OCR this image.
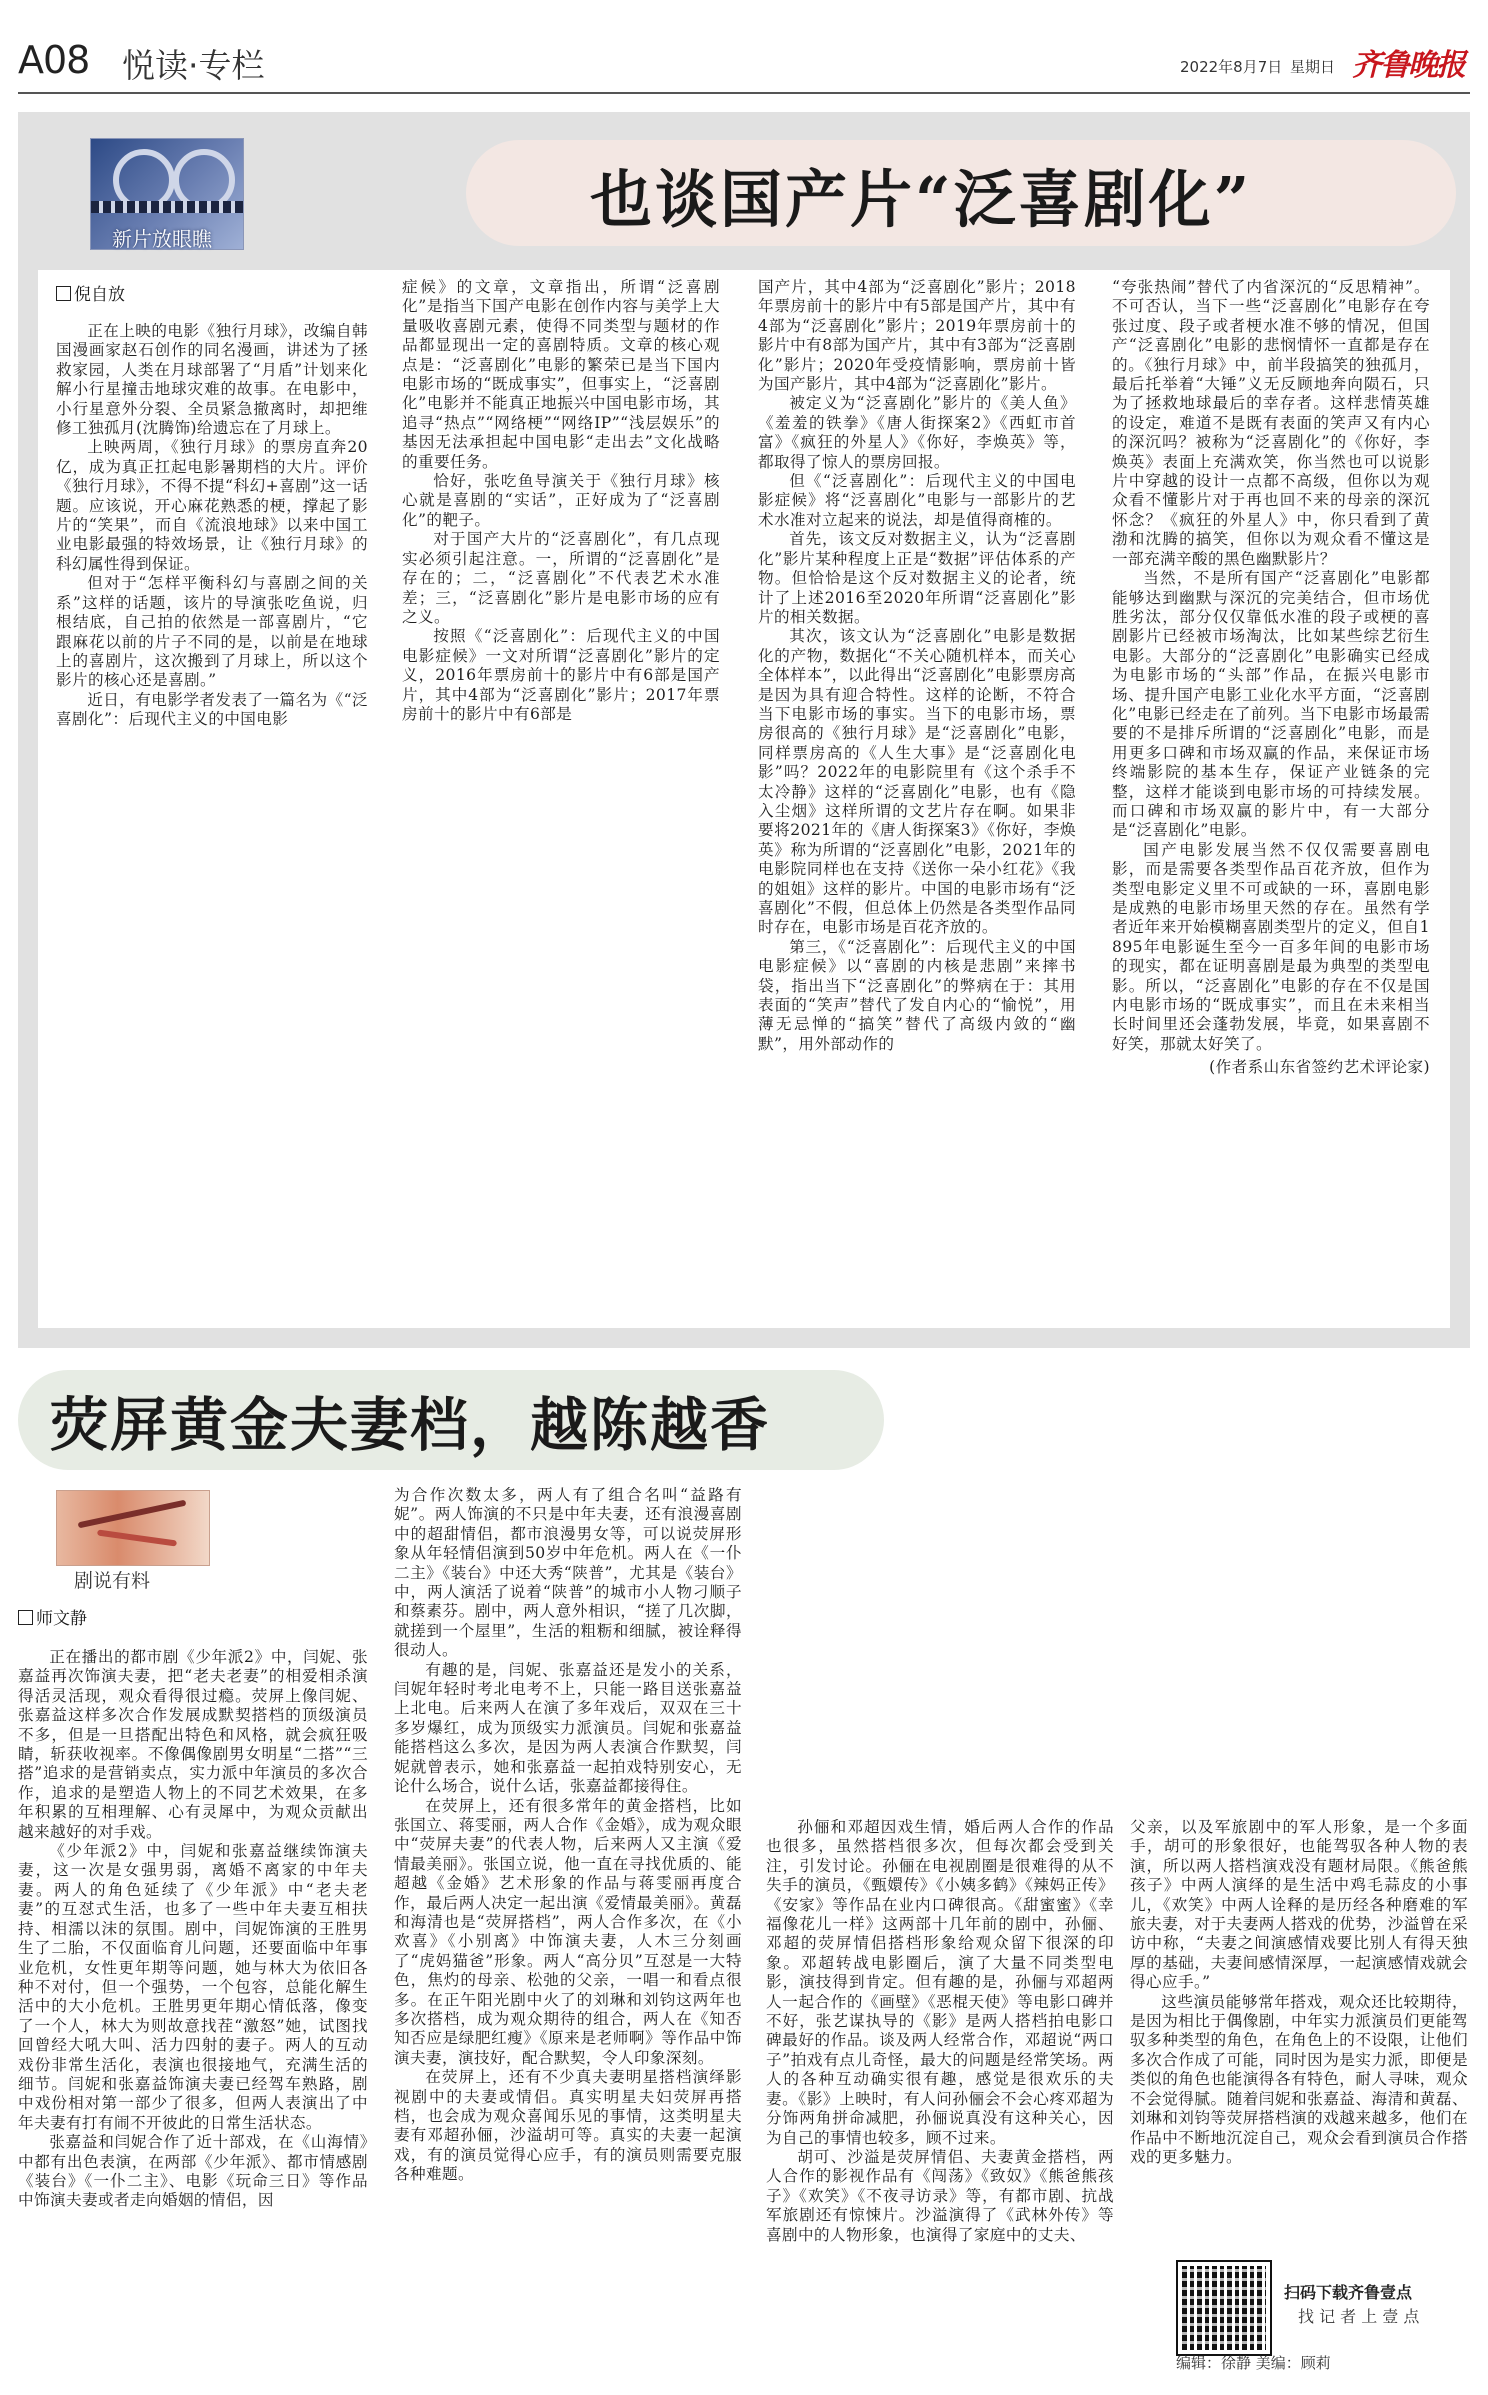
A08 悦读·专栏	2022年8月7日 星期日 齐鲁晚报
新片放眼瞧
也谈国产片“泛喜剧化”
倪自放

正在上映的电影《独行月球》，改编自韩国漫画家赵石创作的同名漫画，讲述为了拯救家园，人类在月球部署了“月盾”计划来化解小行星撞击地球灾难的故事。在电影中，小行星意外分裂、全员紧急撤离时，却把维修工独孤月(沈腾饰)给遗忘在了月球上。

上映两周，《独行月球》的票房直奔20亿，成为真正扛起电影暑期档的大片。评价《独行月球》，不得不提“科幻+喜剧”这一话题。应该说，开心麻花熟悉的梗，撑起了影片的“笑果”，而自《流浪地球》以来中国工业电影最强的特效场景，让《独行月球》的科幻属性得到保证。

但对于“怎样平衡科幻与喜剧之间的关系”这样的话题，该片的导演张吃鱼说，归根结底，自己拍的依然是一部喜剧片，“它跟麻花以前的片子不同的是，以前是在地球上的喜剧片，这次搬到了月球上，所以这个影片的核心还是喜剧。”

近日，有电影学者发表了一篇名为《“泛喜剧化”：后现代主义的中国电影

症候》的文章，文章指出，所谓“泛喜剧化”是指当下国产电影在创作内容与美学上大量吸收喜剧元素，使得不同类型与题材的作品都显现出一定的喜剧特质。文章的核心观点是：“泛喜剧化”电影的繁荣已是当下国内电影市场的“既成事实”，但事实上，“泛喜剧化”电影并不能真正地振兴中国电影市场，其追寻“热点”“网络梗”“网络IP”“浅层娱乐”的基因无法承担起中国电影“走出去”文化战略的重要任务。

恰好，张吃鱼导演关于《独行月球》核心就是喜剧的“实话”，正好成为了“泛喜剧化”的靶子。

对于国产大片的“泛喜剧化”，有几点现实必须引起注意。一，所谓的“泛喜剧化”是存在的；二，“泛喜剧化”不代表艺术水准差；三，“泛喜剧化”影片是电影市场的应有之义。

按照《“泛喜剧化”：后现代主义的中国电影症候》一文对所谓“泛喜剧化”影片的定义，2016年票房前十的影片中有6部是国产片，其中4部为“泛喜剧化”影片；2017年票房前十的影片中有6部是

国产片，其中4部为“泛喜剧化”影片；2018年票房前十的影片中有5部是国产片，其中有4部为“泛喜剧化”影片；2019年票房前十的影片中有8部为国产片，其中有3部为“泛喜剧化”影片；2020年受疫情影响，票房前十皆为国产影片，其中4部为“泛喜剧化”影片。

被定义为“泛喜剧化”影片的《美人鱼》《羞羞的铁拳》《唐人街探案2》《西虹市首富》《疯狂的外星人》《你好，李焕英》等，都取得了惊人的票房回报。

但《“泛喜剧化”：后现代主义的中国电影症候》将“泛喜剧化”电影与一部影片的艺术水准对立起来的说法，却是值得商榷的。

首先，该文反对数据主义，认为“泛喜剧化”影片某种程度上正是“数据”评估体系的产物。但恰恰是这个反对数据主义的论者，统计了上述2016至2020年所谓“泛喜剧化”影片的相关数据。

其次，该文认为“泛喜剧化”电影是数据化的产物，数据化“不关心随机样本，而关心全体样本”，以此得出“泛喜剧化”电影票房高是因为具有迎合特性。这样的论断，不符合当下电影市场的事实。当下的电影市场，票房很高的《独行月球》是“泛喜剧化”电影，同样票房高的《人生大事》是“泛喜剧化电影”吗？2022年的电影院里有《这个杀手不太冷静》这样的“泛喜剧化”电影，也有《隐入尘烟》这样所谓的文艺片存在啊。如果非要将2021年的《唐人街探案3》《你好，李焕英》称为所谓的“泛喜剧化”电影，2021年的电影院同样也在支持《送你一朵小红花》《我的姐姐》这样的影片。中国的电影市场有“泛喜剧化”不假，但总体上仍然是各类型作品同时存在，电影市场是百花齐放的。

第三，《“泛喜剧化”：后现代主义的中国电影症候》以“喜剧的内核是悲剧”来摔书袋，指出当下“泛喜剧化”的弊病在于：其用表面的“笑声”替代了发自内心的“愉悦”，用薄无忌惮的“搞笑”替代了高级内敛的“幽默”，用外部动作的

“夸张热闹”替代了内省深沉的“反思精神”。不可否认，当下一些“泛喜剧化”电影存在夸张过度、段子或者梗水准不够的情况，但国产“泛喜剧化”电影的悲悯情怀一直都是存在的。《独行月球》中，前半段搞笑的独孤月，最后托举着“大锤”义无反顾地奔向陨石，只为了拯救地球最后的幸存者。这样悲情英雄的设定，难道不是既有表面的笑声又有内心的深沉吗？被称为“泛喜剧化”的《你好，李焕英》表面上充满欢笑，你当然也可以说影片中穿越的设计一点都不高级，但你以为观众看不懂影片对于再也回不来的母亲的深沉怀念？《疯狂的外星人》中，你只看到了黄渤和沈腾的搞笑，但你以为观众看不懂这是一部充满辛酸的黑色幽默影片？

当然，不是所有国产“泛喜剧化”电影都能够达到幽默与深沉的完美结合，但市场优胜劣汰，部分仅仅靠低水准的段子或梗的喜剧影片已经被市场淘汰，比如某些综艺衍生电影。大部分的“泛喜剧化”电影确实已经成为电影市场的“头部”作品，在振兴电影市场、提升国产电影工业化水平方面，“泛喜剧化”电影已经走在了前列。当下电影市场最需要的不是排斥所谓的“泛喜剧化”电影，而是用更多口碑和市场双赢的作品，来保证市场终端影院的基本生存，保证产业链条的完整，这样才能谈到电影市场的可持续发展。而口碑和市场双赢的影片中，有一大部分是“泛喜剧化”电影。

国产电影发展当然不仅仅需要喜剧电影，而是需要各类型作品百花齐放，但作为类型电影定义里不可或缺的一环，喜剧电影是成熟的电影市场里天然的存在。虽然有学者近年来开始模糊喜剧类型片的定义，但自1895年电影诞生至今一百多年间的电影市场的现实，都在证明喜剧是最为典型的类型电影。所以，“泛喜剧化”电影的存在不仅是国内电影市场的“既成事实”，而且在未来相当长时间里还会蓬勃发展，毕竟，如果喜剧不好笑，那就太好笑了。

(作者系山东省签约艺术评论家)

荧屏黄金夫妻档，越陈越香
剧说有料
师文静

正在播出的都市剧《少年派2》中，闫妮、张嘉益再次饰演夫妻，把“老夫老妻”的相爱相杀演得活灵活现，观众看得很过瘾。荧屏上像闫妮、张嘉益这样多次合作发展成默契搭档的顶级演员不多，但是一旦搭配出特色和风格，就会疯狂吸睛，斩获收视率。不像偶像剧男女明星“二搭”“三搭”追求的是营销卖点，实力派中年演员的多次合作，追求的是塑造人物上的不同艺术效果，在多年积累的互相理解、心有灵犀中，为观众贡献出越来越好的对手戏。

《少年派2》中，闫妮和张嘉益继续饰演夫妻，这一次是女强男弱，离婚不离家的中年夫妻。两人的角色延续了《少年派》中“老夫老妻”的互怼式生活，也多了一些中年夫妻互相扶持、相濡以沫的氛围。剧中，闫妮饰演的王胜男生了二胎，不仅面临育儿问题，还要面临中年事业危机，女性更年期等问题，她与林大为依旧各种不对付，但一个强势，一个包容，总能化解生活中的大小危机。王胜男更年期心情低落，像变了一个人，林大为则故意找茬“激怒”她，试图找回曾经大吼大叫、活力四射的妻子。两人的互动戏份非常生活化，表演也很接地气，充满生活的细节。闫妮和张嘉益饰演夫妻已经驾车熟路，剧中戏份相对第一部少了很多，但两人表演出了中年夫妻有打有闹不开彼此的日常生活状态。

张嘉益和闫妮合作了近十部戏，在《山海情》中都有出色表演，在两部《少年派》、都市情感剧《装台》《一仆二主》、电影《玩命三日》等作品中饰演夫妻或者走向婚姻的情侣，因

为合作次数太多，两人有了组合名叫“益路有妮”。两人饰演的不只是中年夫妻，还有浪漫喜剧中的超甜情侣，都市浪漫男女等，可以说荧屏形象从年轻情侣演到50岁中年危机。两人在《一仆二主》《装台》中还大秀“陕普”，尤其是《装台》中，两人演活了说着“陕普”的城市小人物刁顺子和蔡素芬。剧中，两人意外相识，“搓了几次脚，就搓到一个屋里”，生活的粗粝和细腻，被诠释得很动人。

有趣的是，闫妮、张嘉益还是发小的关系，闫妮年轻时考北电考不上，只能一路目送张嘉益上北电。后来两人在演了多年戏后，双双在三十多岁爆红，成为顶级实力派演员。闫妮和张嘉益能搭档这么多次，是因为两人表演合作默契，闫妮就曾表示，她和张嘉益一起拍戏特别安心，无论什么场合，说什么话，张嘉益都接得住。

在荧屏上，还有很多常年的黄金搭档，比如张国立、蒋雯丽，两人合作《金婚》，成为观众眼中“荧屏夫妻”的代表人物，后来两人又主演《爱情最美丽》。张国立说，他一直在寻找优质的、能超越《金婚》艺术形象的作品与蒋雯丽再度合作，最后两人决定一起出演《爱情最美丽》。黄磊和海清也是“荧屏搭档”，两人合作多次，在《小欢喜》《小别离》中饰演夫妻，人木三分刻画了“虎妈猫爸”形象。两人“高分贝”互怼是一大特色，焦灼的母亲、松弛的父亲，一唱一和看点很多。在正午阳光剧中火了的刘琳和刘钧这两年也多次搭档，成为观众期待的组合，两人在《知否知否应是绿肥红瘦》《原来是老师啊》等作品中饰演夫妻，演技好，配合默契，令人印象深刻。

在荧屏上，还有不少真夫妻明星搭档演绎影视剧中的夫妻或情侣。真实明星夫妇荧屏再搭档，也会成为观众喜闻乐见的事情，这类明星夫妻有邓超孙俪，沙溢胡可等。真实的夫妻一起演戏，有的演员觉得心应手，有的演员则需要克服各种难题。

孙俪和邓超因戏生情，婚后两人合作的作品也很多，虽然搭档很多次，但每次都会受到关注，引发讨论。孙俪在电视剧圈是很难得的从不失手的演员，《甄嬛传》《小姨多鹤》《辣妈正传》《安家》等作品在业内口碑很高。《甜蜜蜜》《幸福像花儿一样》这两部十几年前的剧中，孙俪、邓超的荧屏情侣搭档形象给观众留下很深的印象。邓超转战电影圈后，演了大量不同类型电影，演技得到肯定。但有趣的是，孙俪与邓超两人一起合作的《画壁》《恶棍天使》等电影口碑并不好，张艺谋执导的《影》是两人搭档拍电影口碑最好的作品。谈及两人经常合作，邓超说“两口子”拍戏有点儿奇怪，最大的问题是经常笑场。两人的各种互动确实很有趣，感觉是很欢乐的夫妻。《影》上映时，有人问孙俪会不会心疼邓超为分饰两角拼命减肥，孙俪说真没有这种关心，因为自己的事情也较多，顾不过来。

胡可、沙溢是荧屏情侣、夫妻黄金搭档，两人合作的影视作品有《闯荡》《致奴》《熊爸熊孩子》《欢笑》《不夜寻访录》等，有都市剧、抗战军旅剧还有惊悚片。沙溢演得了《武林外传》等喜剧中的人物形象，也演得了家庭中的丈夫、

父亲，以及军旅剧中的军人形象，是一个多面手，胡可的形象很好，也能驾驭各种人物的表演，所以两人搭档演戏没有题材局限。《熊爸熊孩子》中两人演绎的是生活中鸡毛蒜皮的小事儿，《欢笑》中两人诠释的是历经各种磨难的军旅夫妻，对于夫妻两人搭戏的优势，沙溢曾在采访中称，“夫妻之间演感情戏要比别人有得天独厚的基础，夫妻间感情深厚，一起演感情戏就会得心应手。”

这些演员能够常年搭戏，观众还比较期待，是因为相比于偶像剧，中年实力派演员们更能驾驭多种类型的角色，在角色上的不设限，让他们多次合作成了可能，同时因为是实力派，即便是类似的角色也能演得各有特色，耐人寻味，观众不会觉得腻。随着闫妮和张嘉益、海清和黄磊、刘琳和刘钧等荧屏搭档演的戏越来越多，他们在作品中不断地沉淀自己，观众会看到演员合作搭戏的更多魅力。

扫码下载齐鲁壹点
找 记 者 上 壹 点
编辑：徐静 美编：顾莉
